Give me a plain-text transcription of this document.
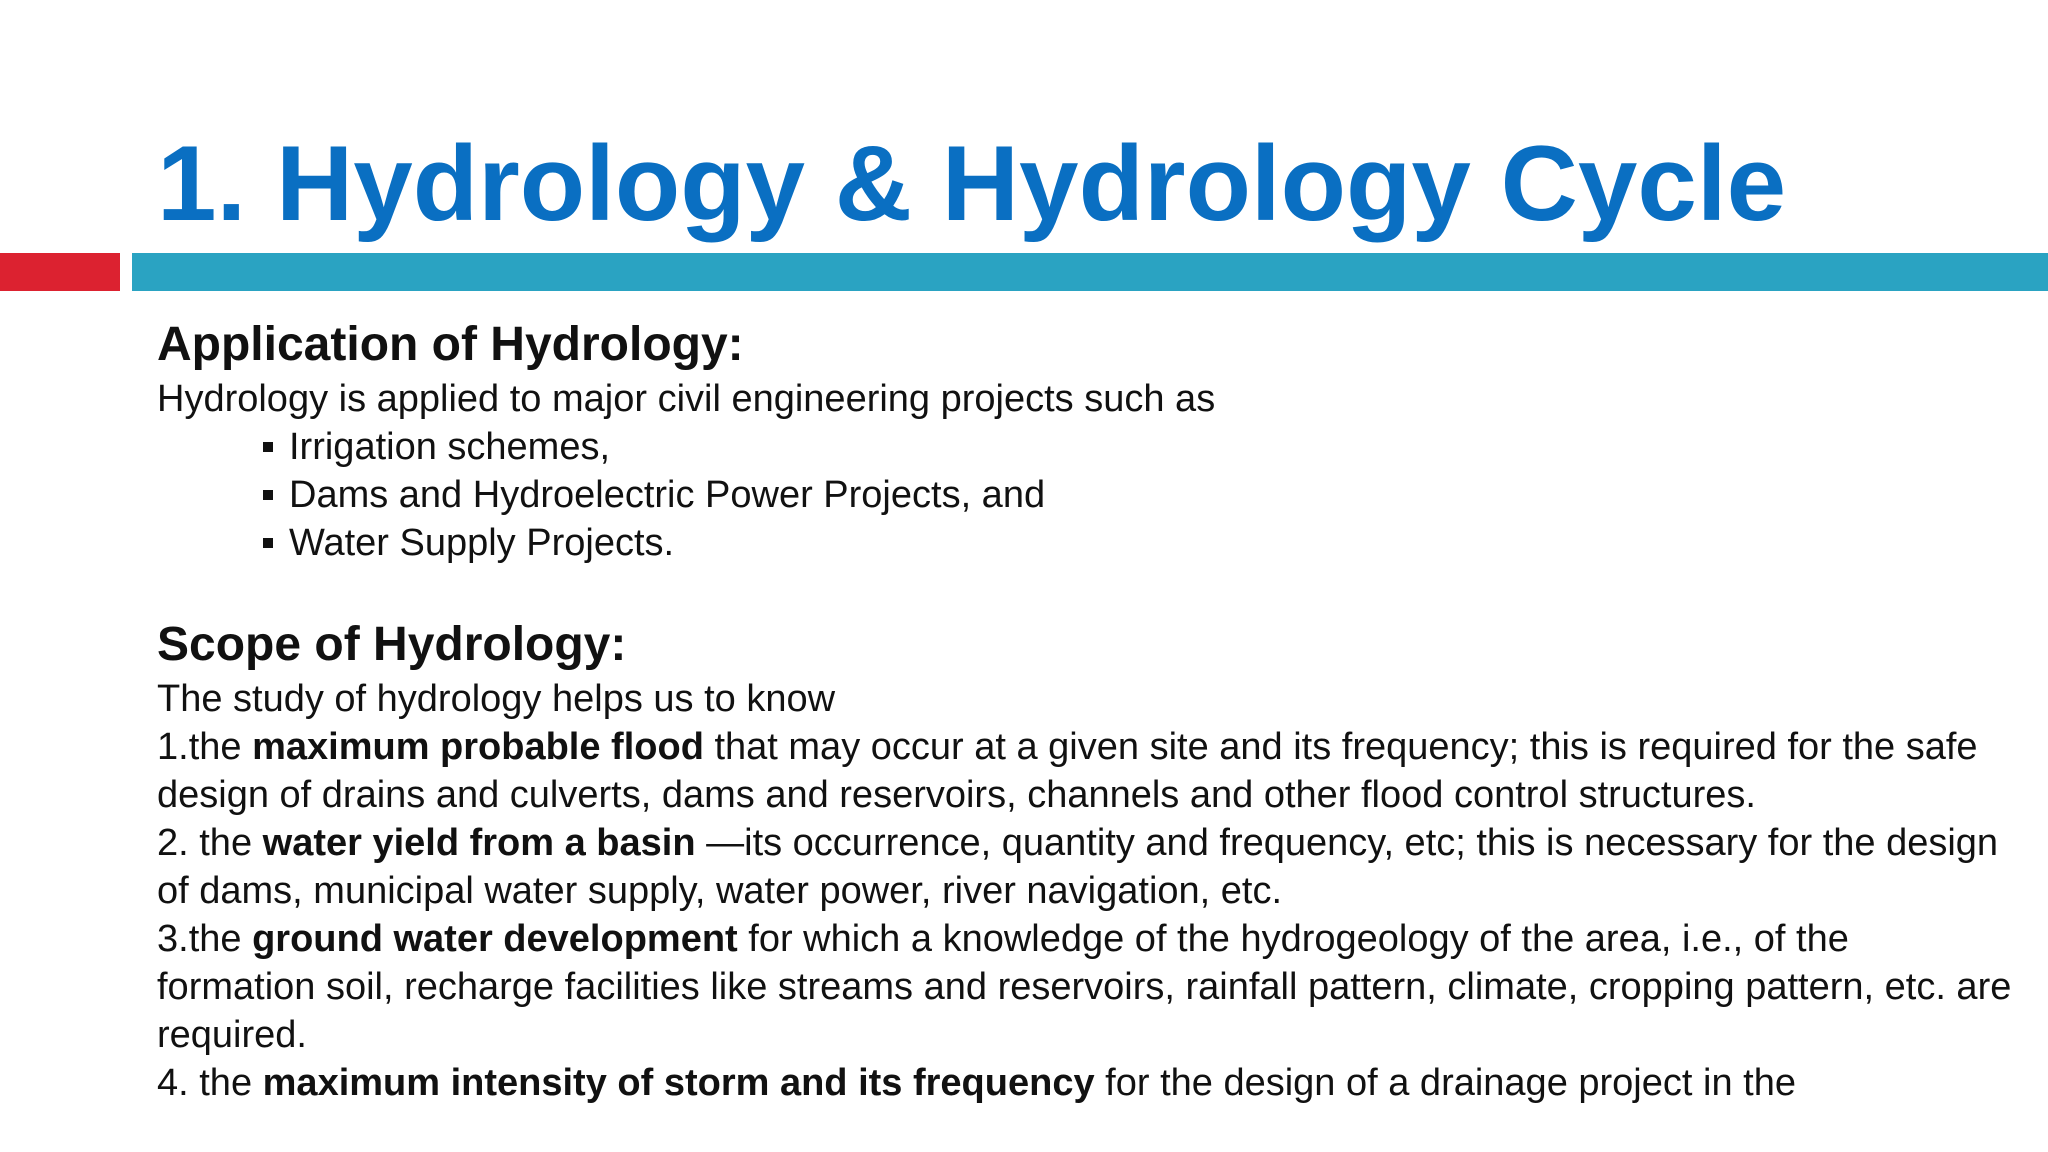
1. Hydrology & Hydrology Cycle
Application of Hydrology:

Hydrology is applied to major civil engineering projects such as

Irrigation schemes,
Dams and Hydroelectric Power Projects, and
Water Supply Projects.
Scope of Hydrology:

The study of hydrology helps us to know

1.the maximum probable flood that may occur at a given site and its frequency; this is required for the safe design of drains and culverts, dams and reservoirs, channels and other flood control structures.

2. the water yield from a basin —its occurrence, quantity and frequency, etc; this is necessary for the design of dams, municipal water supply, water power, river navigation, etc.

3.the ground water development for which a knowledge of the hydrogeology of the area, i.e., of the formation soil, recharge facilities like streams and reservoirs, rainfall pattern, climate, cropping pattern, etc. are required.

4. the maximum intensity of storm and its frequency for the design of a drainage project in the
